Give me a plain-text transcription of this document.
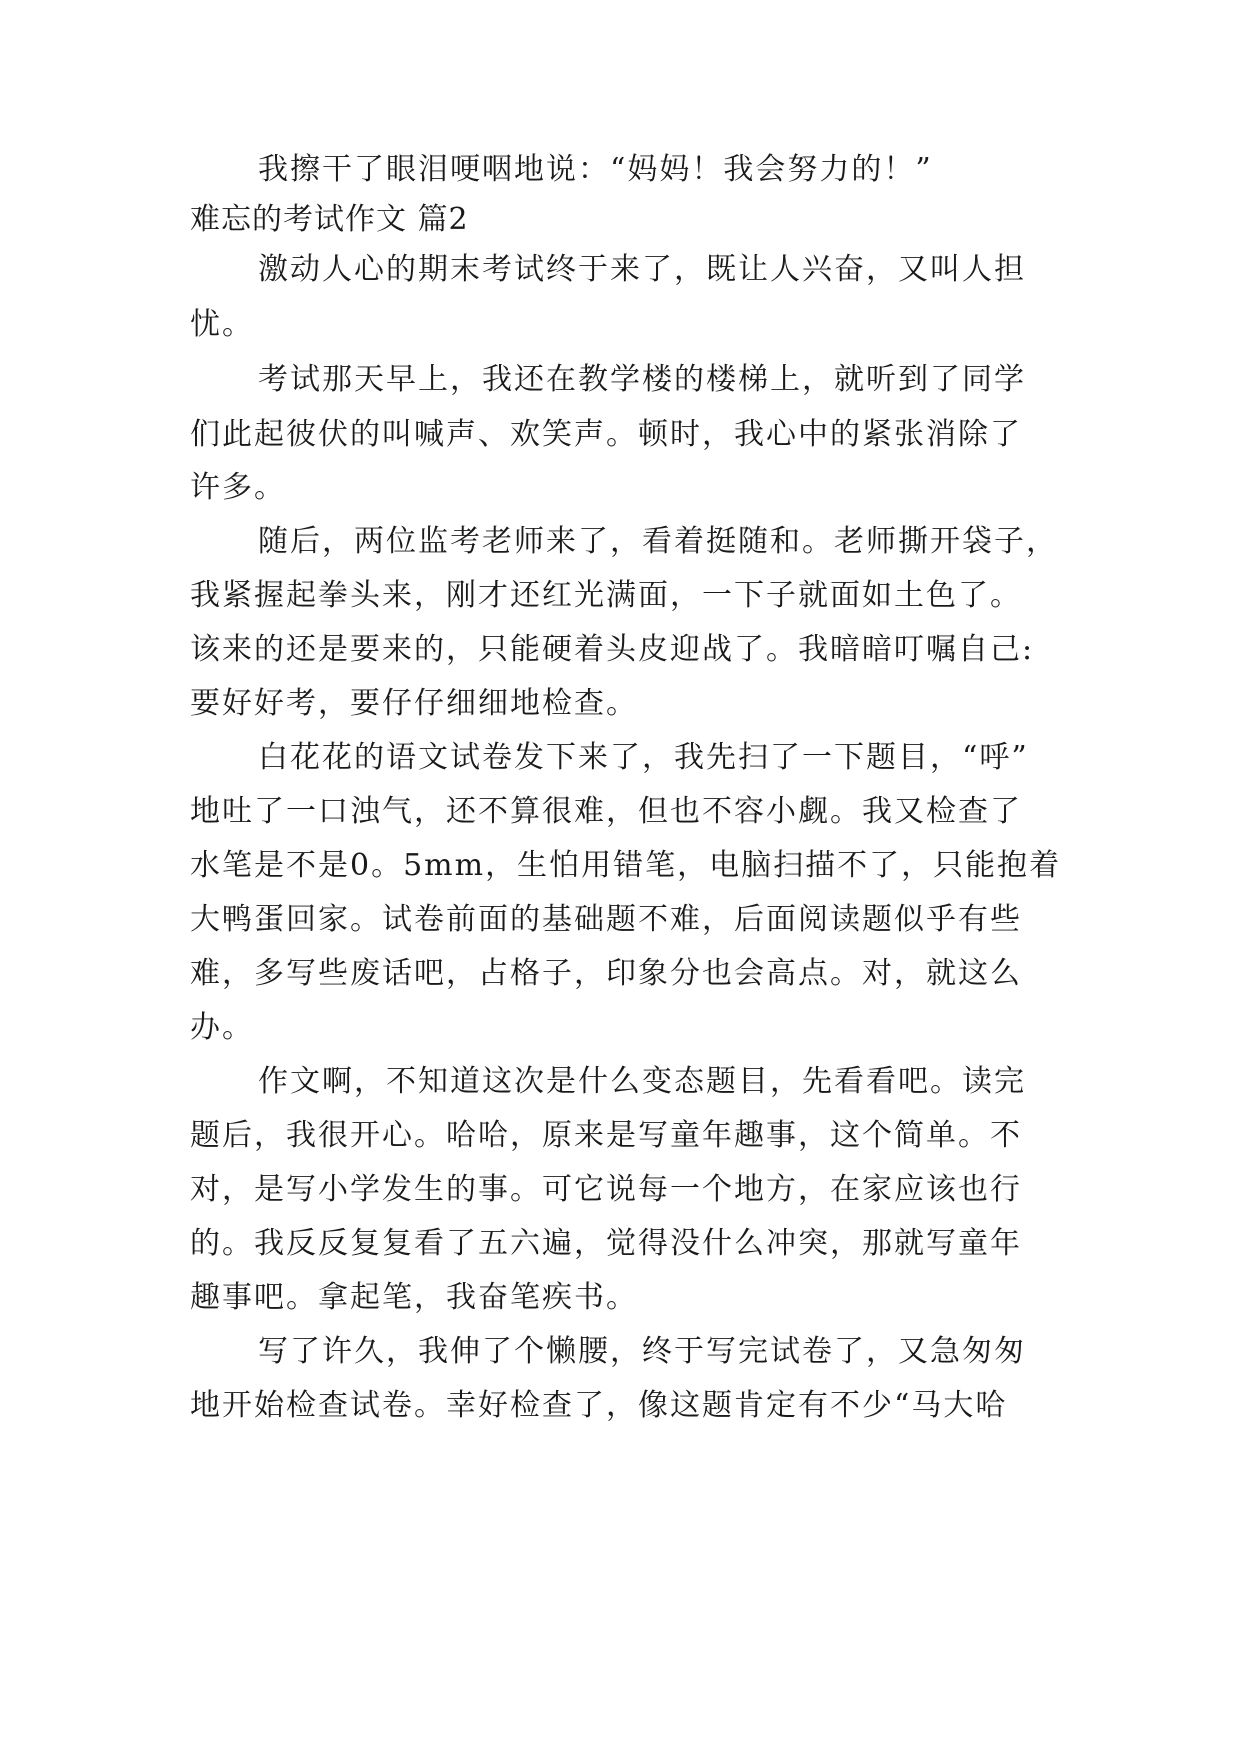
我擦干了眼泪哽咽地说：“妈妈！我会努力的！”
难忘的考试作文 篇2
激动人心的期末考试终于来了，既让人兴奋，又叫人担
忧。
考试那天早上，我还在教学楼的楼梯上，就听到了同学
们此起彼伏的叫喊声、欢笑声。顿时，我心中的紧张消除了
许多。
随后，两位监考老师来了，看着挺随和。老师撕开袋子，
我紧握起拳头来，刚才还红光满面，一下子就面如土色了。
该来的还是要来的，只能硬着头皮迎战了。我暗暗叮嘱自己:
要好好考，要仔仔细细地检查。
白花花的语文试卷发下来了，我先扫了一下题目，“呼”
地吐了一口浊气，还不算很难，但也不容小觑。我又检查了
水笔是不是0。5mm，生怕用错笔，电脑扫描不了，只能抱着
大鸭蛋回家。试卷前面的基础题不难，后面阅读题似乎有些
难，多写些废话吧，占格子，印象分也会高点。对，就这么
办。
作文啊，不知道这次是什么变态题目，先看看吧。读完
题后，我很开心。哈哈，原来是写童年趣事，这个简单。不
对，是写小学发生的事。可它说每一个地方，在家应该也行
的。我反反复复看了五六遍，觉得没什么冲突，那就写童年
趣事吧。拿起笔，我奋笔疾书。
写了许久，我伸了个懒腰，终于写完试卷了，又急匆匆
地开始检查试卷。幸好检查了，像这题肯定有不少“马大哈
